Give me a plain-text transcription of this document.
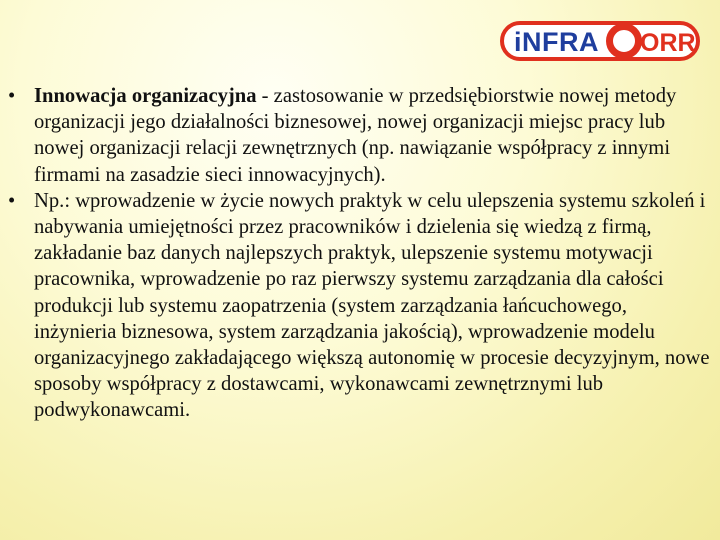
iNFRA ORR

• Innowacja organizacyjna - zastosowanie w przedsiębiorstwie nowej metody organizacji jego działalności biznesowej, nowej organizacji miejsc pracy lub nowej organizacji relacji zewnętrznych (np. nawiązanie współpracy z innymi firmami na zasadzie sieci innowacyjnych).

• Np.: wprowadzenie w życie nowych praktyk w celu ulepszenia systemu szkoleń i nabywania umiejętności przez pracowników i dzielenia się wiedzą z firmą, zakładanie baz danych najlepszych praktyk, ulepszenie systemu motywacji pracownika, wprowadzenie po raz pierwszy systemu zarządzania dla całości produkcji lub systemu zaopatrzenia (system zarządzania łańcuchowego, inżynieria biznesowa, system zarządzania jakością), wprowadzenie modelu organizacyjnego zakładającego większą autonomię w procesie decyzyjnym, nowe sposoby współpracy z dostawcami, wykonawcami zewnętrznymi lub podwykonawcami.
